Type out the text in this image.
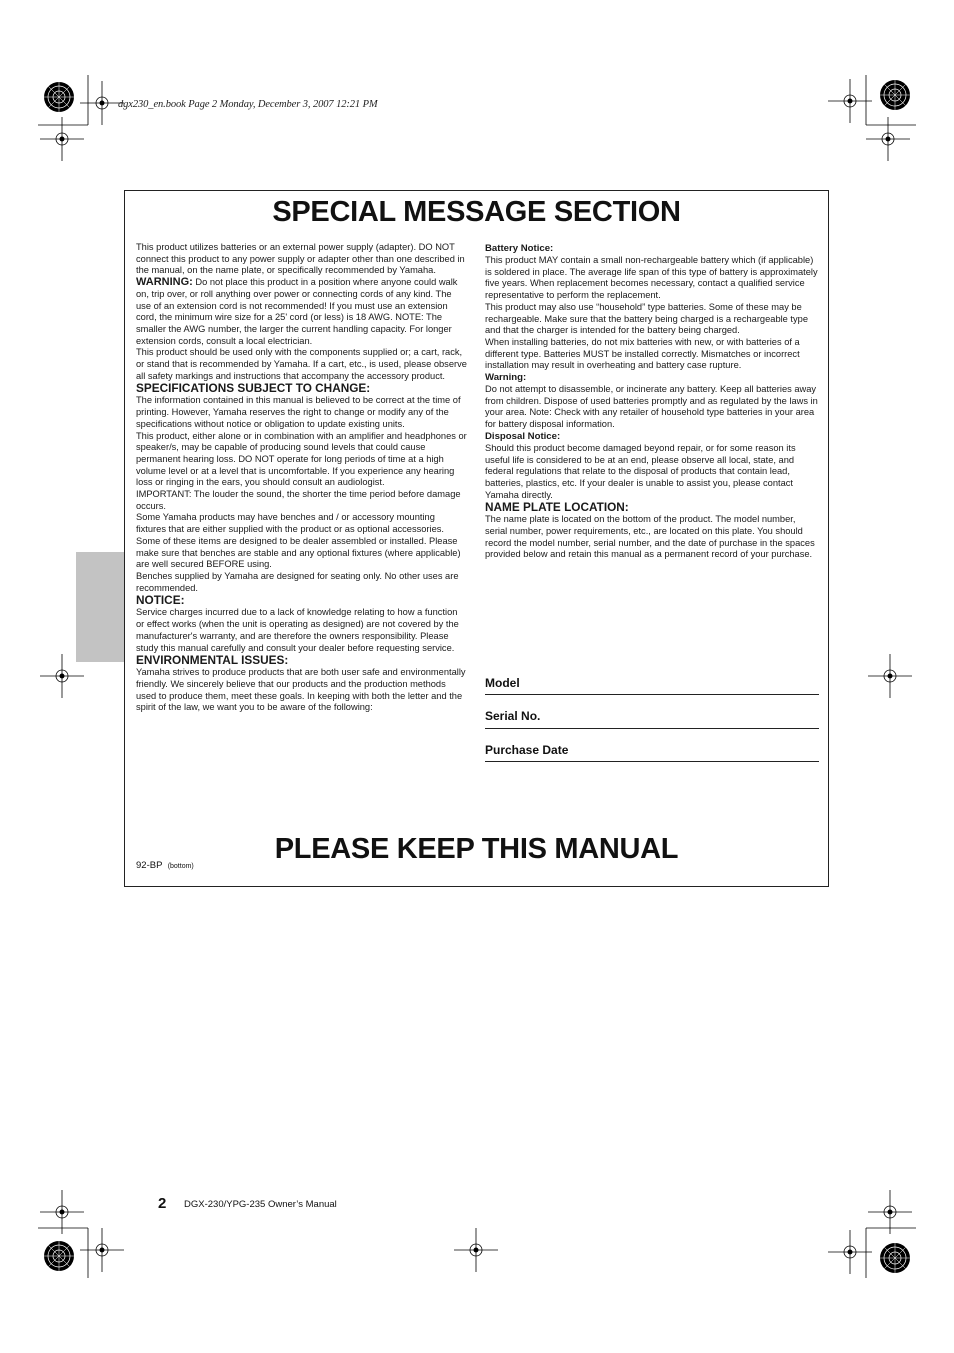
dgx230_en.book Page 2 Monday, December 3, 2007 12:21 PM
SPECIAL MESSAGE SECTION

This product utilizes batteries or an external power supply (adapter). DO NOT connect this product to any power supply or adapter other than one described in the manual, on the name plate, or specifically recommended by Yamaha.

WARNING: Do not place this product in a position where anyone could walk on, trip over, or roll anything over power or connecting cords of any kind. The use of an extension cord is not recommended! If you must use an extension cord, the minimum wire size for a 25' cord (or less) is 18 AWG. NOTE: The smaller the AWG number, the larger the current handling capacity. For longer extension cords, consult a local electrician.

This product should be used only with the components supplied or; a cart, rack, or stand that is recommended by Yamaha. If a cart, etc., is used, please observe all safety markings and instructions that accompany the accessory product.

SPECIFICATIONS SUBJECT TO CHANGE:

The information contained in this manual is believed to be correct at the time of printing. However, Yamaha reserves the right to change or modify any of the specifications without notice or obligation to update existing units.

This product, either alone or in combination with an amplifier and headphones or speaker/s, may be capable of producing sound levels that could cause permanent hearing loss. DO NOT operate for long periods of time at a high volume level or at a level that is uncomfortable. If you experience any hearing loss or ringing in the ears, you should consult an audiologist.

IMPORTANT: The louder the sound, the shorter the time period before damage occurs.

Some Yamaha products may have benches and / or accessory mounting fixtures that are either supplied with the product or as optional accessories. Some of these items are designed to be dealer assembled or installed. Please make sure that benches are stable and any optional fixtures (where applicable) are well secured BEFORE using.

Benches supplied by Yamaha are designed for seating only. No other uses are recommended.

NOTICE:

Service charges incurred due to a lack of knowledge relating to how a function or effect works (when the unit is operating as designed) are not covered by the manufacturer's warranty, and are therefore the owners responsibility. Please study this manual carefully and consult your dealer before requesting service.

ENVIRONMENTAL ISSUES:

Yamaha strives to produce products that are both user safe and environmentally friendly. We sincerely believe that our products and the production methods used to produce them, meet these goals. In keeping with both the letter and the spirit of the law, we want you to be aware of the following:

Battery Notice:

This product MAY contain a small non-rechargeable battery which (if applicable) is soldered in place. The average life span of this type of battery is approximately five years. When replacement becomes necessary, contact a qualified service representative to perform the replacement.

This product may also use “household” type batteries. Some of these may be rechargeable. Make sure that the battery being charged is a rechargeable type and that the charger is intended for the battery being charged.

When installing batteries, do not mix batteries with new, or with batteries of a different type. Batteries MUST be installed correctly. Mismatches or incorrect installation may result in overheating and battery case rupture.

Warning:

Do not attempt to disassemble, or incinerate any battery. Keep all batteries away from children. Dispose of used batteries promptly and as regulated by the laws in your area. Note: Check with any retailer of household type batteries in your area for battery disposal information.

Disposal Notice:

Should this product become damaged beyond repair, or for some reason its useful life is considered to be at an end, please observe all local, state, and federal regulations that relate to the disposal of products that contain lead, batteries, plastics, etc. If your dealer is unable to assist you, please contact Yamaha directly.

NAME PLATE LOCATION:

The name plate is located on the bottom of the product. The model number, serial number, power requirements, etc., are located on this plate. You should record the model number, serial number, and the date of purchase in the spaces provided below and retain this manual as a permanent record of your purchase.

Model
Serial No.
Purchase Date
PLEASE KEEP THIS MANUAL
92-BP (bottom)
2 DGX-230/YPG-235 Owner’s Manual
